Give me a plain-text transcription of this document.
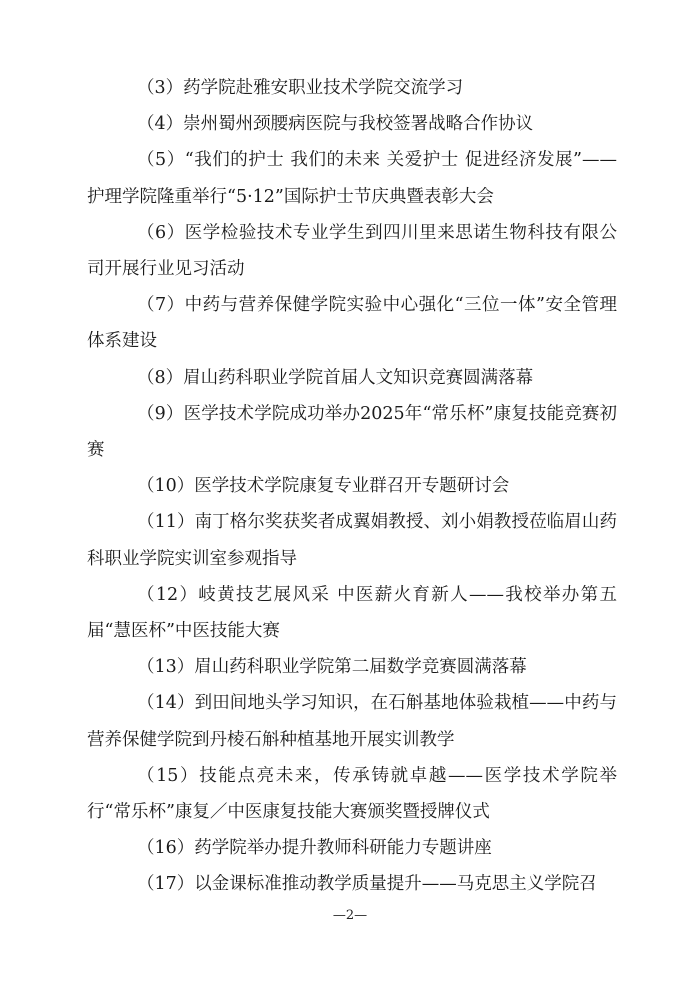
（3）药学院赴雅安职业技术学院交流学习

（4）崇州蜀州颈腰病医院与我校签署战略合作协议

（5）“我们的护士 我们的未来 关爱护士 促进经济发展”——护理学院隆重举行“5·12”国际护士节庆典暨表彰大会

（6）医学检验技术专业学生到四川里来思诺生物科技有限公司开展行业见习活动

（7）中药与营养保健学院实验中心强化“三位一体”安全管理体系建设

（8）眉山药科职业学院首届人文知识竞赛圆满落幕

（9）医学技术学院成功举办2025年“常乐杯”康复技能竞赛初赛

（10）医学技术学院康复专业群召开专题研讨会

（11）南丁格尔奖获奖者成翼娟教授、刘小娟教授莅临眉山药科职业学院实训室参观指导

（12）岐黄技艺展风采 中医薪火育新人——我校举办第五届“慧医杯”中医技能大赛

（13）眉山药科职业学院第二届数学竞赛圆满落幕

（14）到田间地头学习知识，在石斛基地体验栽植——中药与营养保健学院到丹棱石斛种植基地开展实训教学

（15）技能点亮未来，传承铸就卓越——医学技术学院举行“常乐杯”康复／中医康复技能大赛颁奖暨授牌仪式

（16）药学院举办提升教师科研能力专题讲座

（17）以金课标准推动教学质量提升——马克思主义学院召

—2—
